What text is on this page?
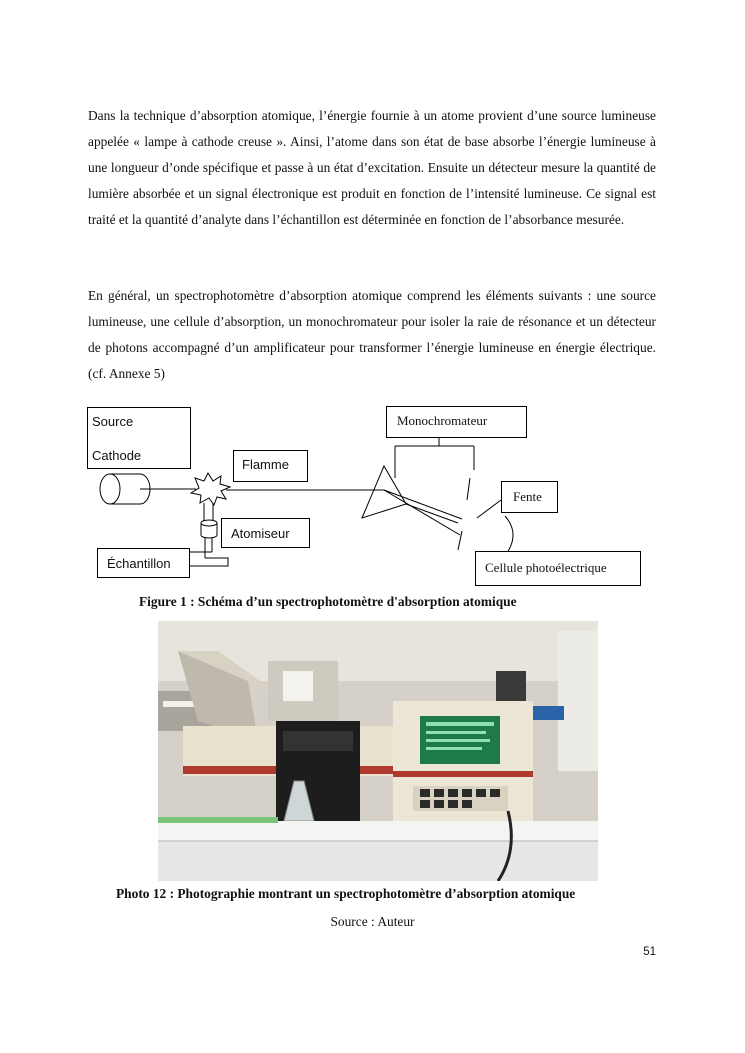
Dans la technique d’absorption atomique, l’énergie fournie à un atome provient d’une source lumineuse appelée « lampe à cathode creuse ». Ainsi, l’atome dans son état de base absorbe l’énergie lumineuse à une longueur d’onde spécifique et passe à un état d’excitation. Ensuite un détecteur mesure la quantité de lumière absorbée et un signal électronique est produit en fonction de l’intensité lumineuse. Ce signal est traité et la quantité d’analyte dans l’échantillon est déterminée en fonction de l’absorbance mesurée.

En général, un spectrophotomètre d’absorption atomique comprend les éléments suivants : une source lumineuse, une cellule d’absorption, un monochromateur pour isoler la raie de résonance et un détecteur de photons accompagné d’un amplificateur pour transformer l’énergie lumineuse en énergie électrique. (cf. Annexe 5)

Source
Cathode
Flamme
Atomiseur
Échantillon
Monochromateur
Fente
Cellule photoélectrique
Figure 1 : Schéma d’un spectrophotomètre d'absorption atomique
Photo 12 : Photographie montrant un spectrophotomètre d’absorption atomique
Source : Auteur
51
